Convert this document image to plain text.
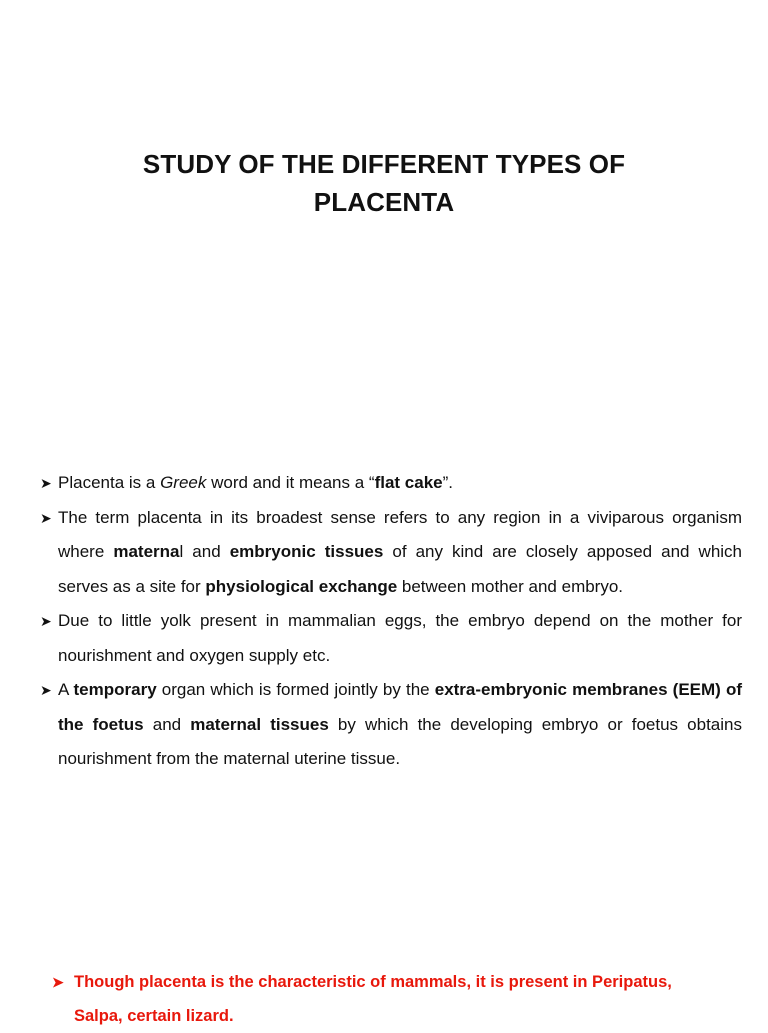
STUDY OF THE DIFFERENT TYPES OF
PLACENTA
➤ Placenta is a Greek word and it means a “flat cake”.
➤ The term placenta in its broadest sense refers to any region in a viviparous organism where maternal and embryonic tissues of any kind are closely apposed and which serves as a site for physiological exchange between mother and embryo.
➤ Due to little yolk present in mammalian eggs, the embryo depend on the mother for nourishment and oxygen supply etc.
➤ A temporary organ which is formed jointly by the extra-embryonic membranes (EEM) of the foetus and maternal tissues by which the developing embryo or foetus obtains nourishment from the maternal uterine tissue.

➤ Though placenta is the characteristic of mammals, it is present in Peripatus,
Salpa, certain lizard.
